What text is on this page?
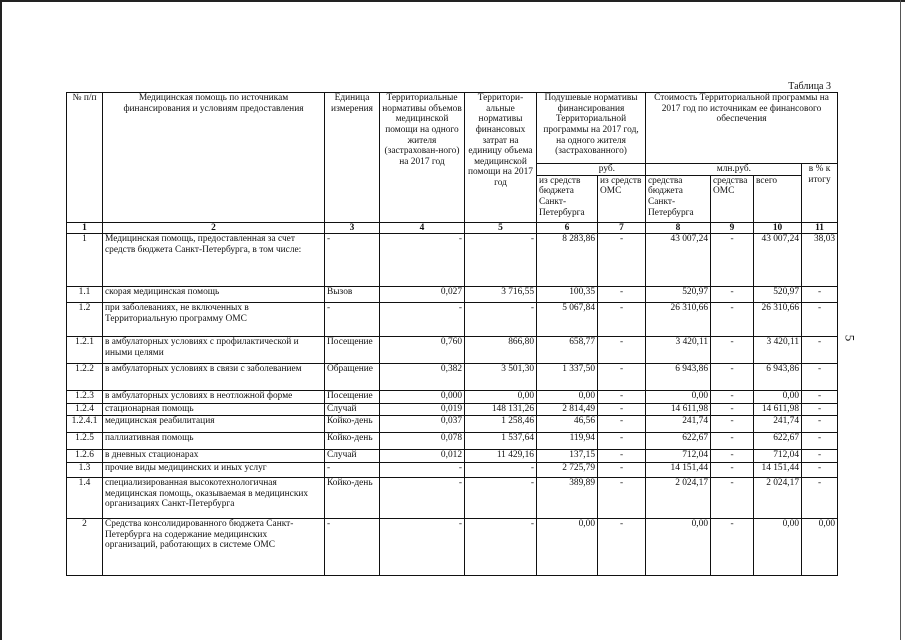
Таблица 3
5
№ п/п	Медицинская помощь по источникам финансирования и условиям предоставления	Единица измерения	Территориальные нормативы объемов медицинской помощи на одного жителя (застрахован-ного) на 2017 год	Территори-альные нормативы финансовых затрат на единицу объема медицинской помощи на 2017 год	Подушевые нормативы финансирования Территориальной программы на 2017 год, на одного жителя (застрахованного)		Стоимость Территориальной программы на 2017 год по источникам ее финансового обеспечения			
					руб.		млн.руб.			в % к итогу
					из средств бюджета Санкт-Петербурга	из средств ОМС	средства бюджета Санкт-Петербурга	средства ОМС	всего	
1	2	3	4	5	6	7	8	9	10	11
1	Медицинская помощь, предоставленная за счет средств бюджета Санкт-Петербурга, в том числе:	-	-	-	8 283,86	-	43 007,24	-	43 007,24	38,03
1.1	скорая медицинская помощь	Вызов	0,027	3 716,55	100,35	-	520,97	-	520,97	-
1.2	при заболеваниях, не включенных в Территориальную программу ОМС	-	-	-	5 067,84	-	26 310,66	-	26 310,66	-
1.2.1	в амбулаторных условиях с профилактической и иными целями	Посещение	0,760	866,80	658,77	-	3 420,11	-	3 420,11	-
1.2.2	в амбулаторных условиях в связи с заболеванием	Обращение	0,382	3 501,30	1 337,50	-	6 943,86	-	6 943,86	-
1.2.3	в амбулаторных условиях в неотложной форме	Посещение	0,000	0,00	0,00	-	0,00	-	0,00	-
1.2.4	стационарная помощь	Случай	0,019	148 131,26	2 814,49	-	14 611,98	-	14 611,98	-
1.2.4.1	медицинская реабилитация	Койко-день	0,037	1 258,46	46,56	-	241,74	-	241,74	-
1.2.5	паллиативная помощь	Койко-день	0,078	1 537,64	119,94	-	622,67	-	622,67	-
1.2.6	в дневных стационарах	Случай	0,012	11 429,16	137,15	-	712,04	-	712,04	-
1.3	прочие виды медицинских и иных услуг	-	-	-	2 725,79	-	14 151,44	-	14 151,44	-
1.4	специализированная высокотехнологичная медицинская помощь, оказываемая в медицинских организациях Санкт-Петербурга	Койко-день	-	-	389,89	-	2 024,17	-	2 024,17	-
2	Средства консолидированного бюджета Санкт-Петербурга на содержание медицинских организаций, работающих в системе ОМС	-	-	-	0,00	-	0,00	-	0,00	0,00
